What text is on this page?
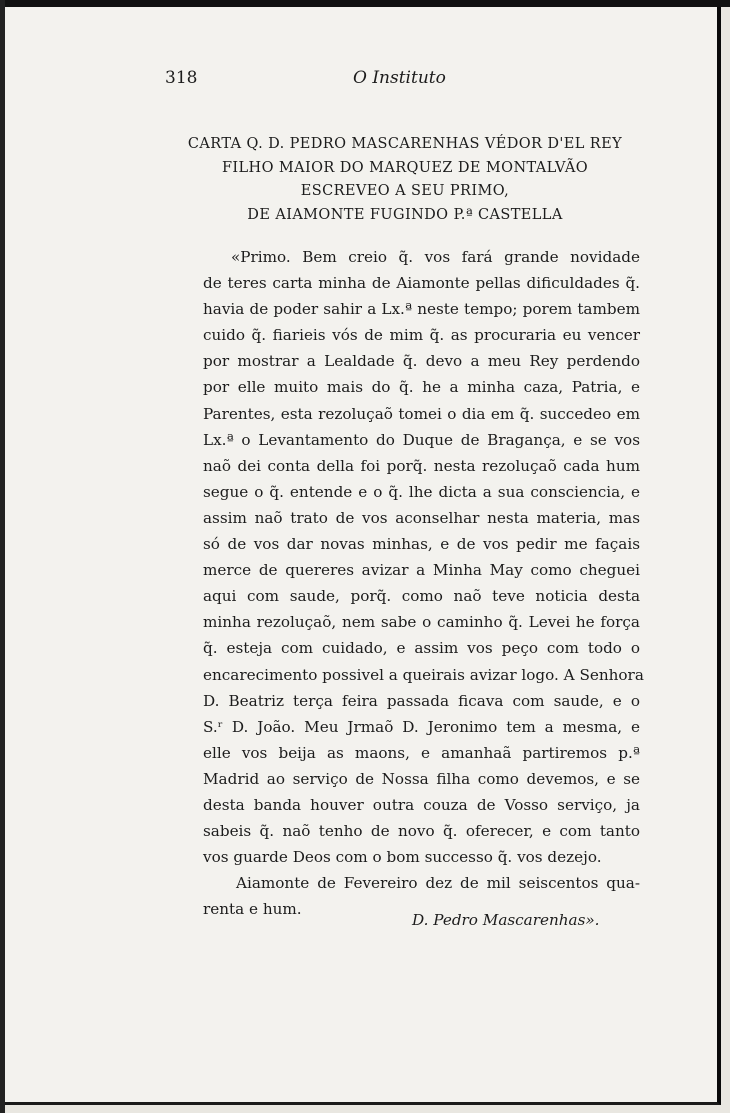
318	O Instituto
CARTA Q. D. PEDRO MASCARENHAS VÉDOR D'EL REY
FILHO MAIOR DO MARQUEZ DE MONTALVÃO
ESCREVEO A SEU PRIMO,
DE AIAMONTE FUGINDO P.ª CASTELLA
«Primo. Bem creio q̃. vos fará grande novidade
de teres carta minha de Aiamonte pellas dificuldades q̃.
havia de poder sahir a Lx.ª neste tempo; porem tambem
cuido q̃. fiarieis vós de mim q̃. as procuraria eu vencer
por mostrar a Lealdade q̃. devo a meu Rey perdendo
por elle muito mais do q̃. he a minha caza, Patria, e
Parentes, esta rezoluçaõ tomei o dia em q̃. succedeo em
Lx.ª o Levantamento do Duque de Bragança, e se vos
naõ dei conta della foi porq̃. nesta rezoluçaõ cada hum
segue o q̃. entende e o q̃. lhe dicta a sua consciencia, e
assim naõ trato de vos aconselhar nesta materia, mas
só de vos dar novas minhas, e de vos pedir me façais
merce de quereres avizar a Minha May como cheguei
aqui com saude, porq̃. como naõ teve noticia desta
minha rezoluçaõ, nem sabe o caminho q̃. Levei he força
q̃. esteja com cuidado, e assim vos peço com todo o
encarecimento possivel a queirais avizar logo. A Senhora
D. Beatriz terça feira passada ficava com saude, e o
S.ʳ D. João. Meu Jrmaõ D. Jeronimo tem a mesma, e
elle vos beija as maons, e amanhaã partiremos p.ª
Madrid ao serviço de Nossa filha como devemos, e se
desta banda houver outra couza de Vosso serviço, ja
sabeis q̃. naõ tenho de novo q̃. oferecer, e com tanto
vos guarde Deos com o bom successo q̃. vos dezejo.
Aiamonte de Fevereiro dez de mil seiscentos qua-
renta e hum.
D. Pedro Mascarenhas».
